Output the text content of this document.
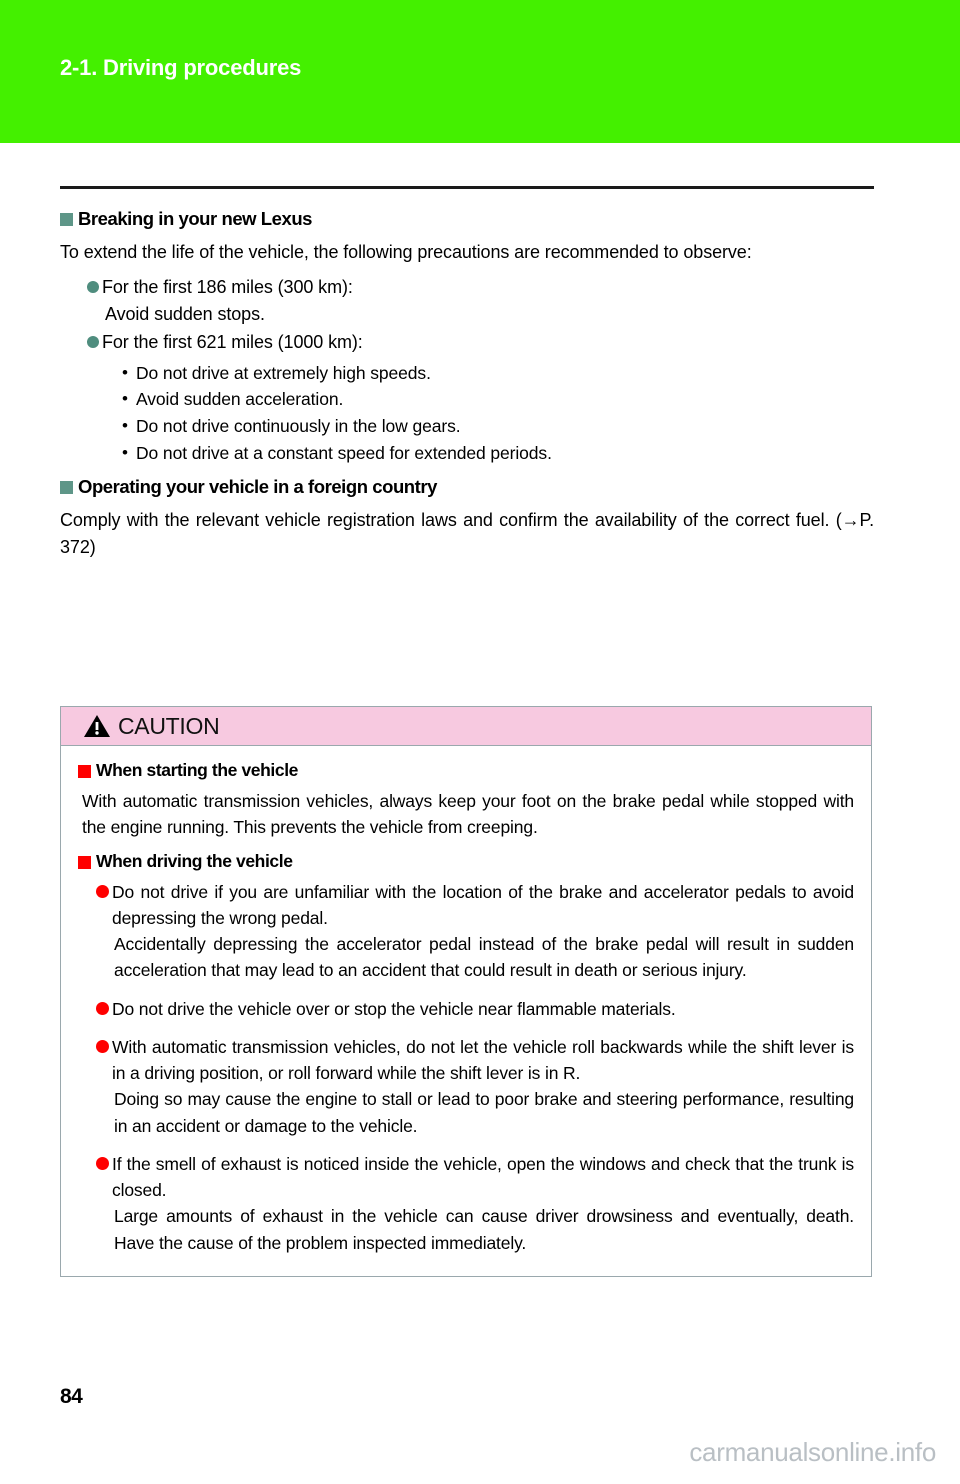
2-1. Driving procedures
Breaking in your new Lexus

To extend the life of the vehicle, the following precautions are recommended to observe:

For the first 186 miles (300 km):
Avoid sudden stops.
For the first 621 miles (1000 km):
• Do not drive at extremely high speeds.
• Avoid sudden acceleration.
• Do not drive continuously in the low gears.
• Do not drive at a constant speed for extended periods.
Operating your vehicle in a foreign country

Comply with the relevant vehicle registration laws and confirm the availability of the correct fuel. (→P. 372)

CAUTION
When starting the vehicle

With automatic transmission vehicles, always keep your foot on the brake pedal while stopped with the engine running. This prevents the vehicle from creeping.

When driving the vehicle
Do not drive if you are unfamiliar with the location of the brake and accelerator pedals to avoid depressing the wrong pedal.
Accidentally depressing the accelerator pedal instead of the brake pedal will result in sudden acceleration that may lead to an accident that could result in death or serious injury.
Do not drive the vehicle over or stop the vehicle near flammable materials.
With automatic transmission vehicles, do not let the vehicle roll backwards while the shift lever is in a driving position, or roll forward while the shift lever is in R.
Doing so may cause the engine to stall or lead to poor brake and steering performance, resulting in an accident or damage to the vehicle.
If the smell of exhaust is noticed inside the vehicle, open the windows and check that the trunk is closed.
Large amounts of exhaust in the vehicle can cause driver drowsiness and eventually, death. Have the cause of the problem inspected immediately.
84
carmanualsonline.info
